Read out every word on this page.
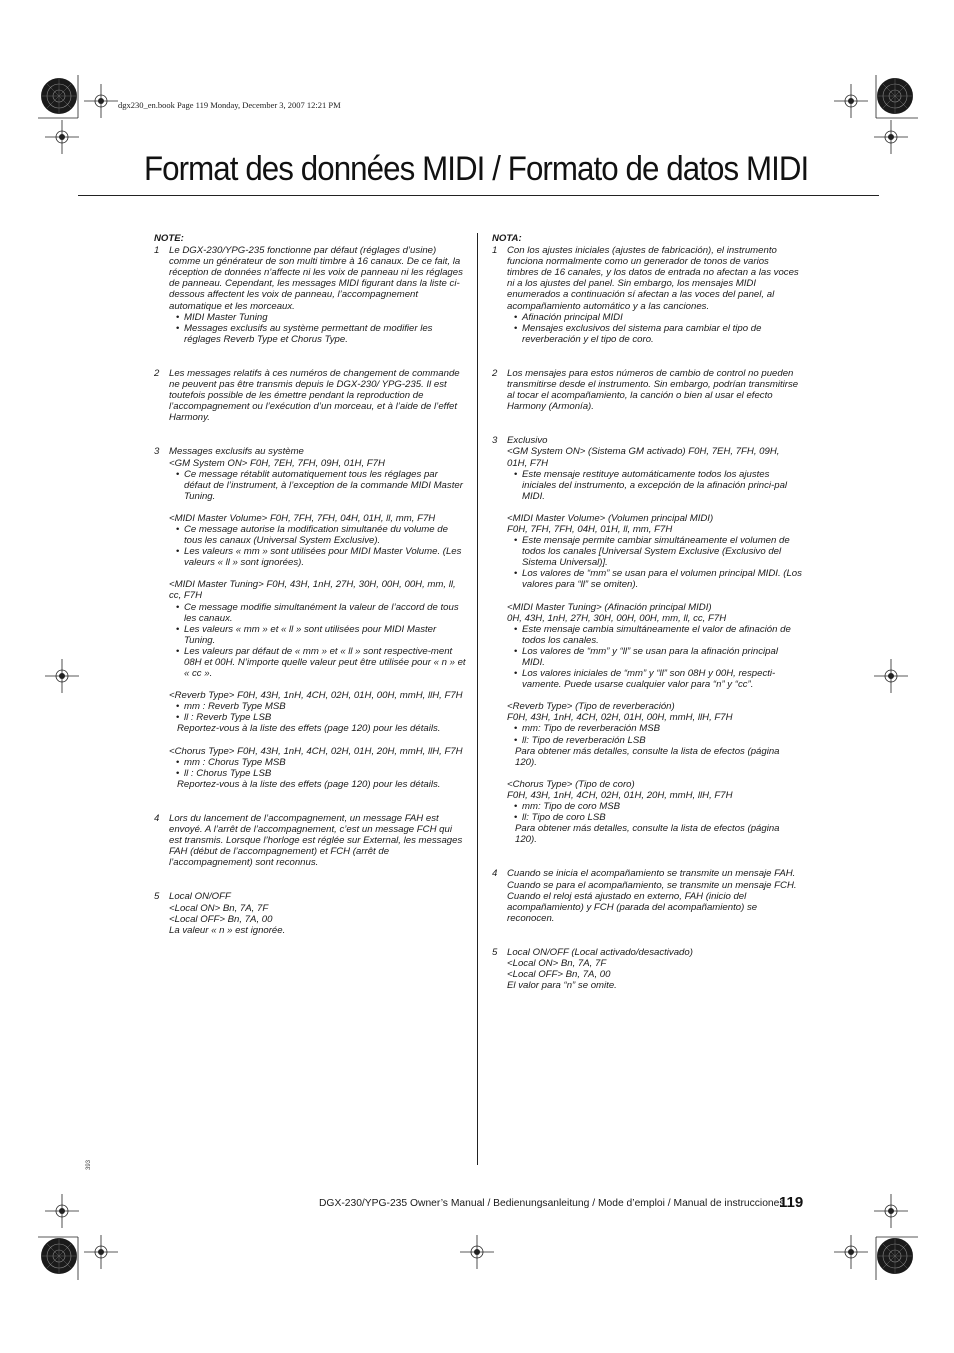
dgx230_en.book Page 119 Monday, December 3, 2007 12:21 PM
Format des données MIDI / Formato de datos MIDI
NOTE:
1 Le DGX-230/YPG-235 fonctionne par défaut (réglages d’usine) comme un générateur de son multi timbre à 16 canaux. De ce fait, la réception de données n’affecte ni les voix de panneau ni les réglages de panneau. Cependant, les messages MIDI figurant dans la liste ci-dessous affectent les voix de panneau, l’accompagnement automatique et les morceaux.

• MIDI Master Tuning
• Messages exclusifs au système permettant de modifier les réglages Reverb Type et Chorus Type.
2 Les messages relatifs à ces numéros de changement de commande ne peuvent pas être transmis depuis le DGX-230/ YPG-235. Il est toutefois possible de les émettre pendant la reproduction de l’accompagnement ou l’exécution d’un morceau, et à l’aide de l’effet Harmony.

3 Messages exclusifs au système
<GM System ON> F0H, 7EH, 7FH, 09H, 01H, F7H

• Ce message rétablit automatiquement tous les réglages par défaut de l’instrument, à l’exception de la commande MIDI Master Tuning.

<MIDI Master Volume> F0H, 7FH, 7FH, 04H, 01H, ll, mm, F7H

• Ce message autorise la modification simultanée du volume de tous les canaux (Universal System Exclusive).
• Les valeurs « mm » sont utilisées pour MIDI Master Volume. (Les valeurs « ll » sont ignorées).

<MIDI Master Tuning> F0H, 43H, 1nH, 27H, 30H, 00H, 00H, mm, ll, cc, F7H

• Ce message modifie simultanément la valeur de l’accord de tous les canaux.
• Les valeurs « mm » et « ll » sont utilisées pour MIDI Master Tuning.
• Les valeurs par défaut de « mm » et « ll » sont respective-ment 08H et 00H. N’importe quelle valeur peut être utilisée pour « n » et « cc ».

<Reverb Type> F0H, 43H, 1nH, 4CH, 02H, 01H, 00H, mmH, llH, F7H

• mm : Reverb Type MSB
• ll : Reverb Type LSB
Reportez-vous à la liste des effets (page 120) pour les détails.

<Chorus Type> F0H, 43H, 1nH, 4CH, 02H, 01H, 20H, mmH, llH, F7H

• mm : Chorus Type MSB
• ll : Chorus Type LSB
Reportez-vous à la liste des effets (page 120) pour les détails.
4 Lors du lancement de l’accompagnement, un message FAH est envoyé. A l’arrêt de l’accompagnement, c’est un message FCH qui est transmis. Lorsque l’horloge est réglée sur External, les messages FAH (début de l’accompagnement) et FCH (arrêt de l’accompagnement) sont reconnus.

5 Local ON/OFF
<Local ON> Bn, 7A, 7F
<Local OFF> Bn, 7A, 00
La valeur « n » est ignorée.

NOTA:
1 Con los ajustes iniciales (ajustes de fabricación), el instrumento funciona normalmente como un generador de tonos de varios timbres de 16 canales, y los datos de entrada no afectan a las voces ni a los ajustes del panel. Sin embargo, los mensajes MIDI enumerados a continuación sí afectan a las voces del panel, al acompañamiento automático y a las canciones.

• Afinación principal MIDI
• Mensajes exclusivos del sistema para cambiar el tipo de reverberación y el tipo de coro.
2 Los mensajes para estos números de cambio de control no pueden transmitirse desde el instrumento. Sin embargo, podrían transmitirse al tocar el acompañamiento, la canción o bien al usar el efecto Harmony (Armonía).

3 Exclusivo
<GM System ON> (Sistema GM activado) F0H, 7EH, 7FH, 09H, 01H, F7H

• Este mensaje restituye automáticamente todos los ajustes iniciales del instrumento, a excepción de la afinación princi-pal MIDI.

<MIDI Master Volume> (Volumen principal MIDI)
F0H, 7FH, 7FH, 04H, 01H, ll, mm, F7H

• Este mensaje permite cambiar simultáneamente el volumen de todos los canales [Universal System Exclusive (Exclusivo del Sistema Universal)].
• Los valores de “mm” se usan para el volumen principal MIDI. (Los valores para “ll” se omiten).

<MIDI Master Tuning> (Afinación principal MIDI)
0H, 43H, 1nH, 27H, 30H, 00H, 00H, mm, ll, cc, F7H

• Este mensaje cambia simultáneamente el valor de afinación de todos los canales.
• Los valores de “mm” y “ll” se usan para la afinación principal MIDI.
• Los valores iniciales de “mm” y “ll” son 08H y 00H, respecti-vamente. Puede usarse cualquier valor para “n” y “cc”.

<Reverb Type> (Tipo de reverberación)
F0H, 43H, 1nH, 4CH, 02H, 01H, 00H, mmH, llH, F7H

• mm: Tipo de reverberación MSB
• ll: Tipo de reverberación LSB
Para obtener más detalles, consulte la lista de efectos (página 120).

<Chorus Type> (Tipo de coro)
F0H, 43H, 1nH, 4CH, 02H, 01H, 20H, mmH, llH, F7H

• mm: Tipo de coro MSB
• ll: Tipo de coro LSB
Para obtener más detalles, consulte la lista de efectos (página 120).
4 Cuando se inicia el acompañamiento se transmite un mensaje FAH. Cuando se para el acompañamiento, se transmite un mensaje FCH. Cuando el reloj está ajustado en externo, FAH (inicio del acompañamiento) y FCH (parada del acompañamiento) se reconocen.

5 Local ON/OFF (Local activado/desactivado)
<Local ON> Bn, 7A, 7F
<Local OFF> Bn, 7A, 00
El valor para “n” se omite.

393
DGX-230/YPG-235 Owner’s Manual / Bedienungsanleitung / Mode d’emploi / Manual de instrucciones
119
